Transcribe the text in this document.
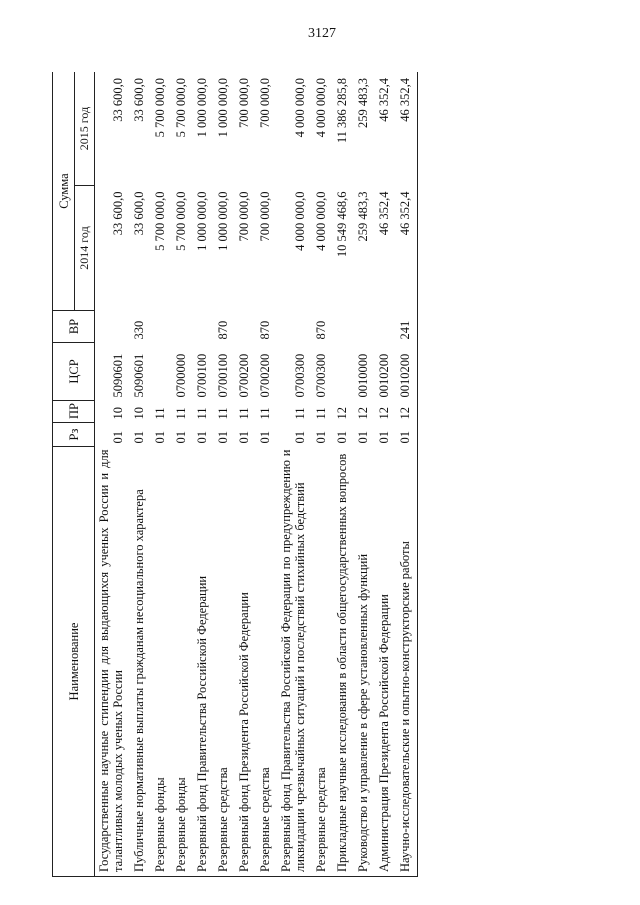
3127
Наименование	Рз	ПР	ЦСР	ВР	Сумма	
					2014 год	2015 год
Государственные научные стипендии для выдающихся ученых России и для талантливых молодых ученых России	01	10	5090601		33 600,0	33 600,0
Публичные нормативные выплаты гражданам несоциального характера	01	10	5090601	330	33 600,0	33 600,0
Резервные фонды	01	11			5 700 000,0	5 700 000,0
Резервные фонды	01	11	0700000		5 700 000,0	5 700 000,0
Резервный фонд Правительства Российской Федерации	01	11	0700100		1 000 000,0	1 000 000,0
Резервные средства	01	11	0700100	870	1 000 000,0	1 000 000,0
Резервный фонд Президента Российской Федерации	01	11	0700200		700 000,0	700 000,0
Резервные средства	01	11	0700200	870	700 000,0	700 000,0
Резервный фонд Правительства Российской Федерации по предупреждению и ликвидации чрезвычайных ситуаций и последствий стихийных бедствий	01	11	0700300		4 000 000,0	4 000 000,0
Резервные средства	01	11	0700300	870	4 000 000,0	4 000 000,0
Прикладные научные исследования в области общегосударственных вопросов	01	12			10 549 468,6	11 386 285,8
Руководство и управление в сфере установленных функций	01	12	0010000		259 483,3	259 483,3
Администрация Президента Российской Федерации	01	12	0010200		46 352,4	46 352,4
Научно-исследовательские и опытно-конструкторские работы	01	12	0010200	241	46 352,4	46 352,4
